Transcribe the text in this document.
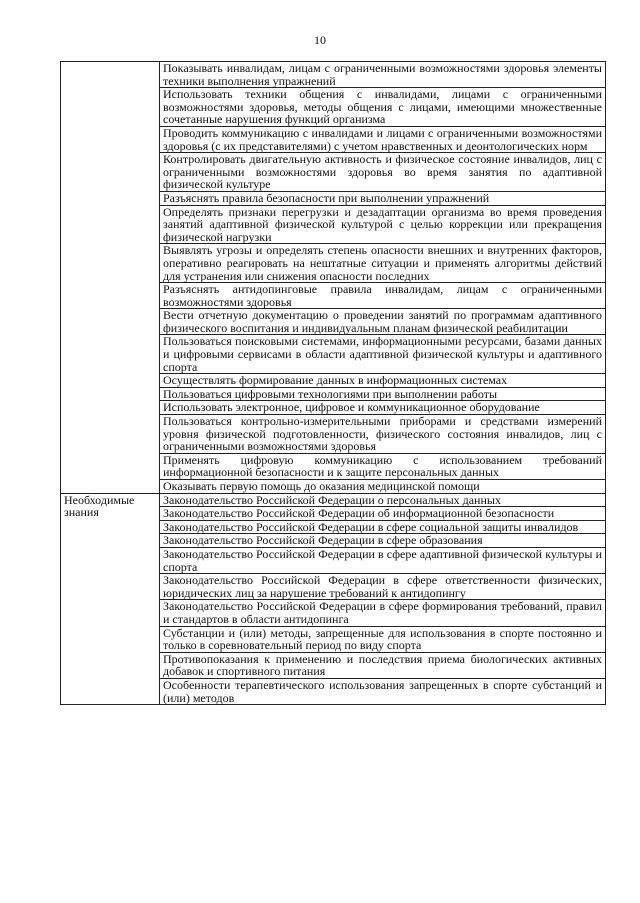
10
	Показывать инвалидам, лицам с ограниченными возможностями здоровья элементы техники выполнения упражнений
	Использовать техники общения с инвалидами, лицами с ограниченными возможностями здоровья, методы общения с лицами, имеющими множественные сочетанные нарушения функций организма
	Проводить коммуникацию с инвалидами и лицами с ограниченными возможностями здоровья (с их представителями) с учетом нравственных и деонтологических норм
	Контролировать двигательную активность и физическое состояние инвалидов, лиц с ограниченными возможностями здоровья во время занятия по адаптивной физической культуре
	Разъяснять правила безопасности при выполнении упражнений
	Определять признаки перегрузки и дезадаптации организма во время проведения занятий адаптивной физической культурой с целью коррекции или прекращения физической нагрузки
	Выявлять угрозы и определять степень опасности внешних и внутренних факторов, оперативно реагировать на нештатные ситуации и применять алгоритмы действий для устранения или снижения опасности последних
	Разъяснять антидопинговые правила инвалидам, лицам с ограниченными возможностями здоровья
	Вести отчетную документацию о проведении занятий по программам адаптивного физического воспитания и индивидуальным планам физической реабилитации
	Пользоваться поисковыми системами, информационными ресурсами, базами данных и цифровыми сервисами в области адаптивной физической культуры и адаптивного спорта
	Осуществлять формирование данных в информационных системах
	Пользоваться цифровыми технологиями при выполнении работы
	Использовать электронное, цифровое и коммуникационное оборудование
	Пользоваться контрольно-измерительными приборами и средствами измерений уровня физической подготовленности, физического состояния инвалидов, лиц с ограниченными возможностями здоровья
	Применять цифровую коммуникацию с использованием требований информационной безопасности и к защите персональных данных
	Оказывать первую помощь до оказания медицинской помощи
Необходимые знания	Законодательство Российской Федерации о персональных данных
	Законодательство Российской Федерации об информационной безопасности
	Законодательство Российской Федерации в сфере социальной защиты инвалидов
	Законодательство Российской Федерации в сфере образования
	Законодательство Российской Федерации в сфере адаптивной физической культуры и спорта
	Законодательство Российской Федерации в сфере ответственности физических, юридических лиц за нарушение требований к антидопингу
	Законодательство Российской Федерации в сфере формирования требований, правил и стандартов в области антидопинга
	Субстанции и (или) методы, запрещенные для использования в спорте постоянно и только в соревновательный период по виду спорта
	Противопоказания к применению и последствия приема биологических активных добавок и спортивного питания
	Особенности терапевтического использования запрещенных в спорте субстанций и (или) методов
